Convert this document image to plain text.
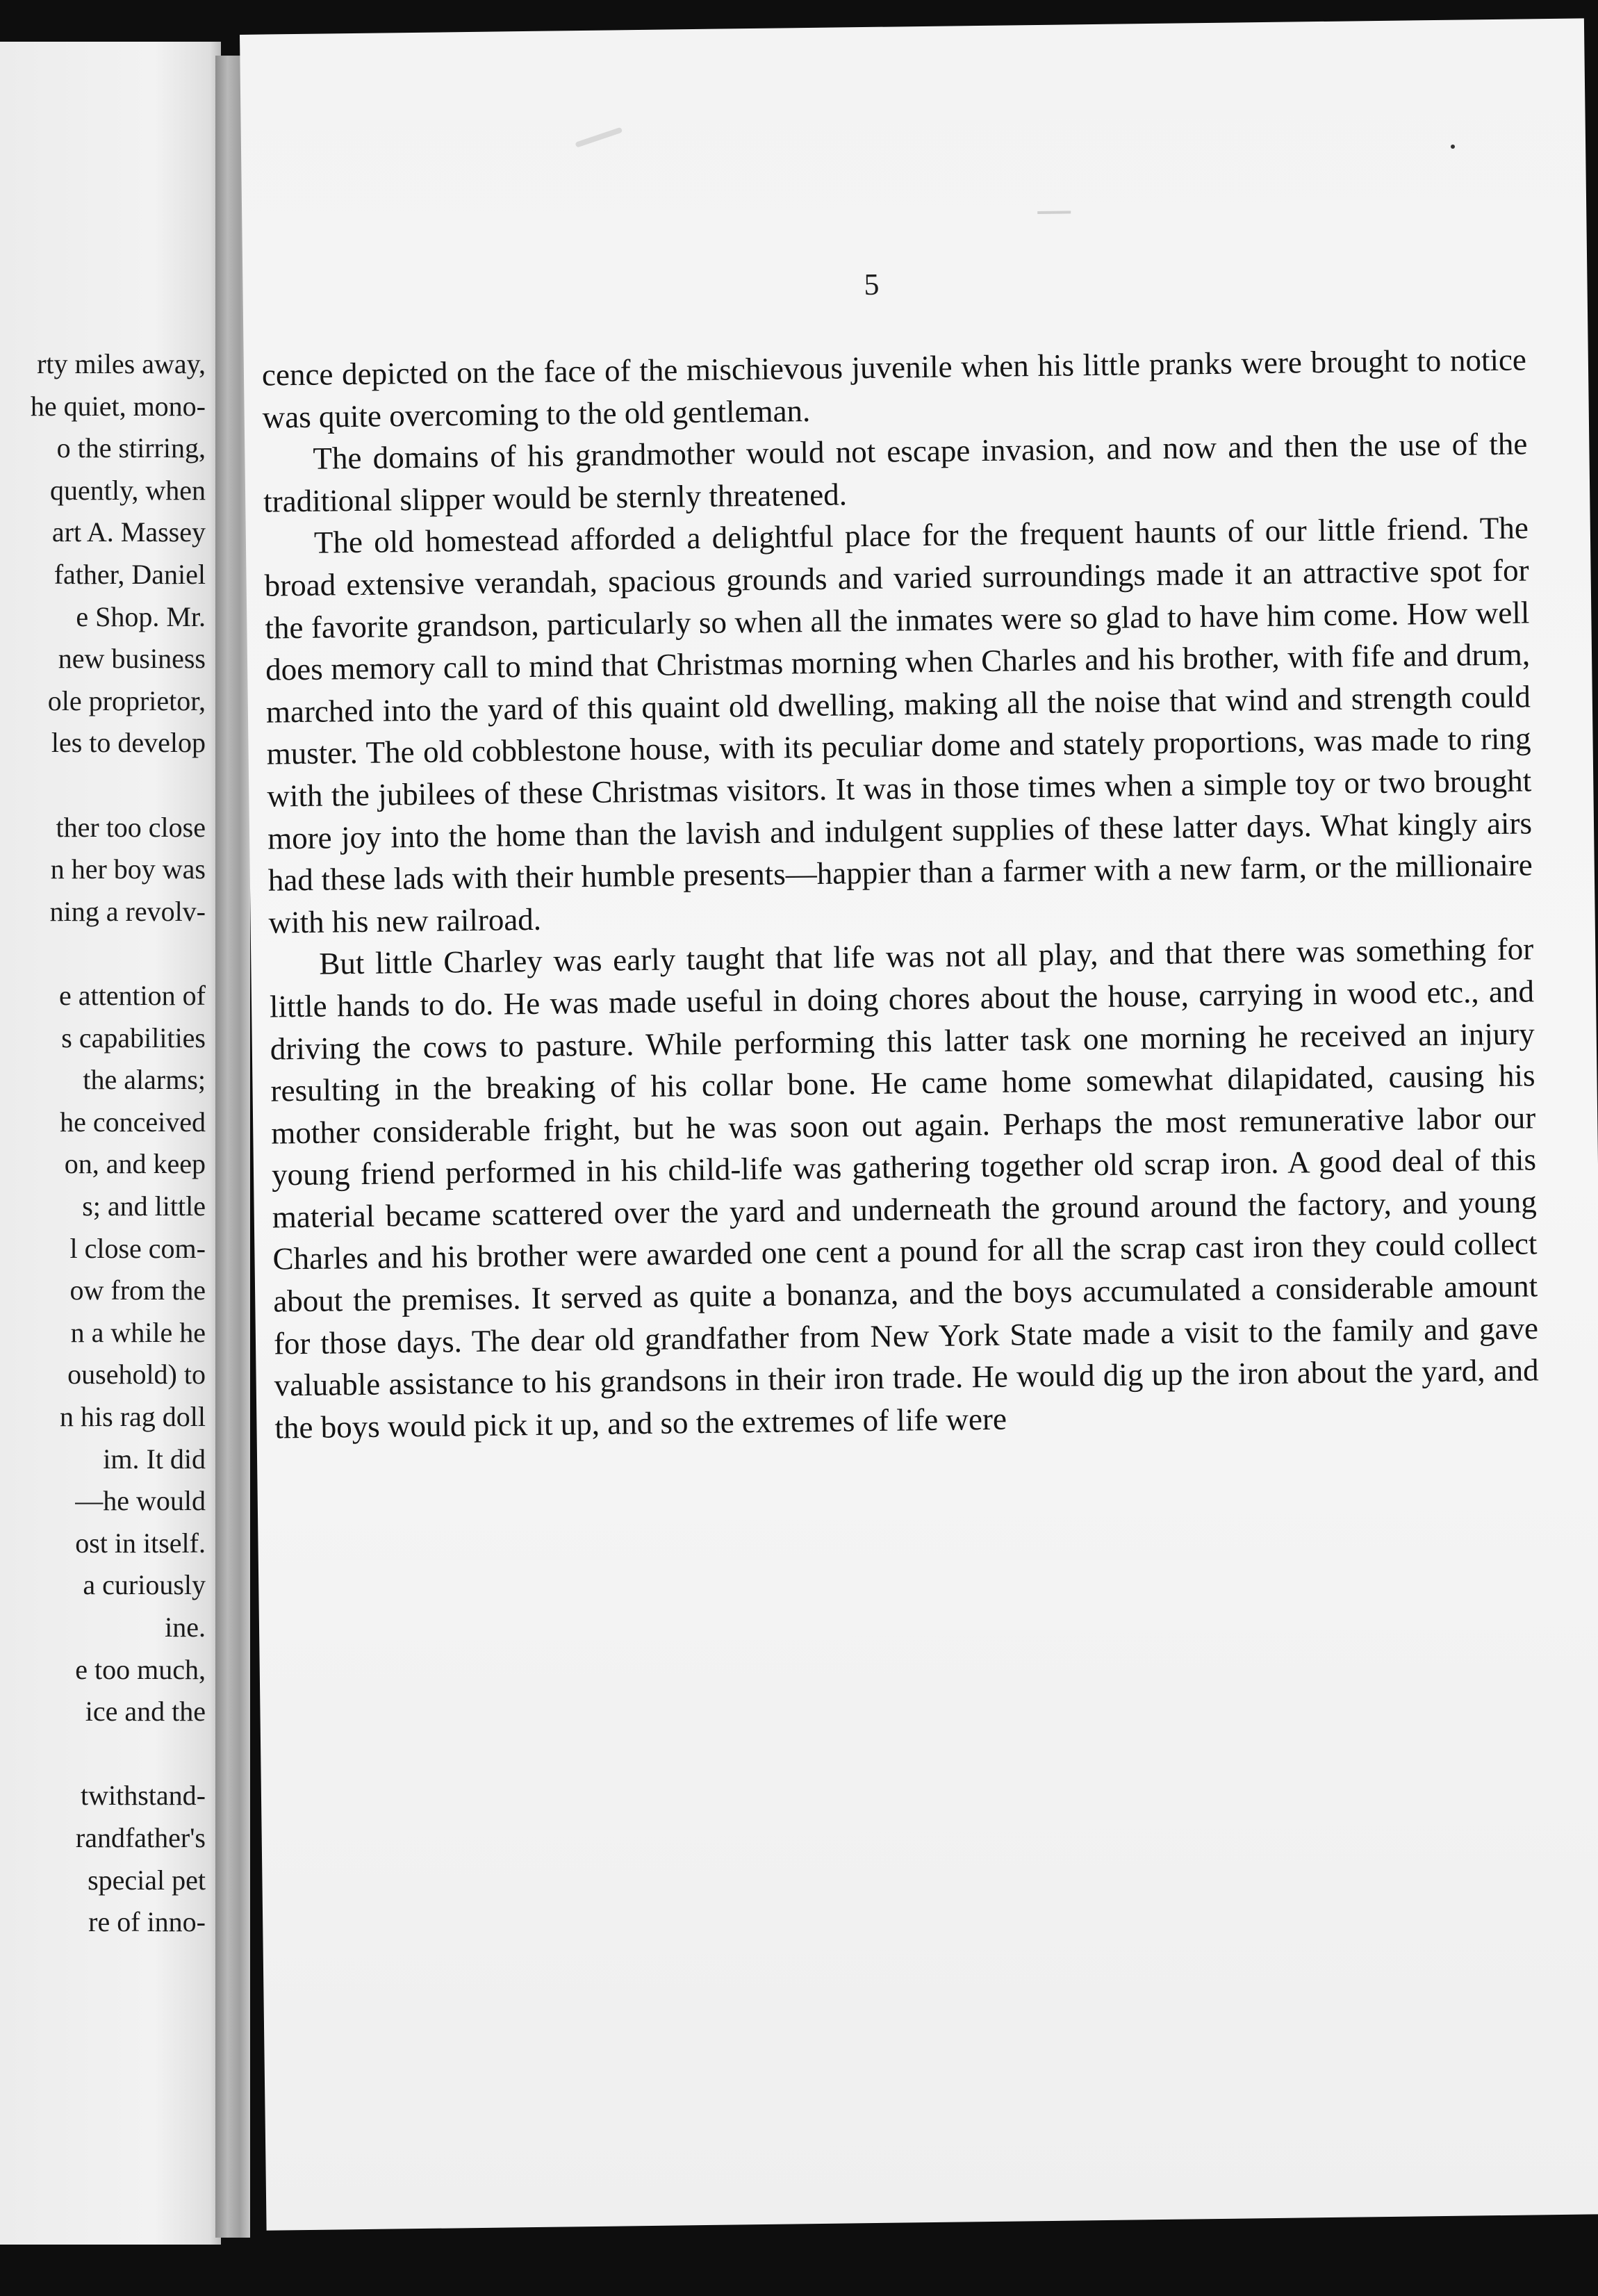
rty miles away,
he quiet, mono-
o the stirring,
quently, when
art A. Massey
father, Daniel
e Shop. Mr.
new business
ole proprietor,
les to develop
ther too close
n her boy was
ning a revolv-
e attention of
s capabilities
the alarms;
he conceived
on, and keep
s; and little
l close com-
ow from the
n a while he
ousehold) to
n his rag doll
im. It did
—he would
ost in itself.
a curiously
ine.
e too much,
ice and the
twithstand-
randfather's
special pet
re of inno-
5

cence depicted on the face of the mischievous juvenile when his little pranks were brought to notice was quite overcoming to the old gentleman.

The domains of his grandmother would not escape invasion, and now and then the use of the traditional slipper would be sternly threatened.

The old homestead afforded a delightful place for the frequent haunts of our little friend. The broad extensive verandah, spacious grounds and varied surroundings made it an attractive spot for the favorite grandson, particularly so when all the inmates were so glad to have him come. How well does memory call to mind that Christmas morning when Charles and his brother, with fife and drum, marched into the yard of this quaint old dwelling, making all the noise that wind and strength could muster. The old cobblestone house, with its peculiar dome and stately proportions, was made to ring with the jubilees of these Christmas visitors. It was in those times when a simple toy or two brought more joy into the home than the lavish and indulgent supplies of these latter days. What kingly airs had these lads with their humble presents—happier than a farmer with a new farm, or the millionaire with his new railroad.

But little Charley was early taught that life was not all play, and that there was something for little hands to do. He was made useful in doing chores about the house, carrying in wood etc., and driving the cows to pasture. While performing this latter task one morning he received an injury resulting in the breaking of his collar bone. He came home somewhat dilapidated, causing his mother considerable fright, but he was soon out again. Perhaps the most remunerative labor our young friend performed in his child-life was gathering together old scrap iron. A good deal of this material became scattered over the yard and underneath the ground around the factory, and young Charles and his brother were awarded one cent a pound for all the scrap cast iron they could collect about the premises. It served as quite a bonanza, and the boys accumulated a considerable amount for those days. The dear old grandfather from New York State made a visit to the family and gave valuable assistance to his grandsons in their iron trade. He would dig up the iron about the yard, and the boys would pick it up, and so the extremes of life were
